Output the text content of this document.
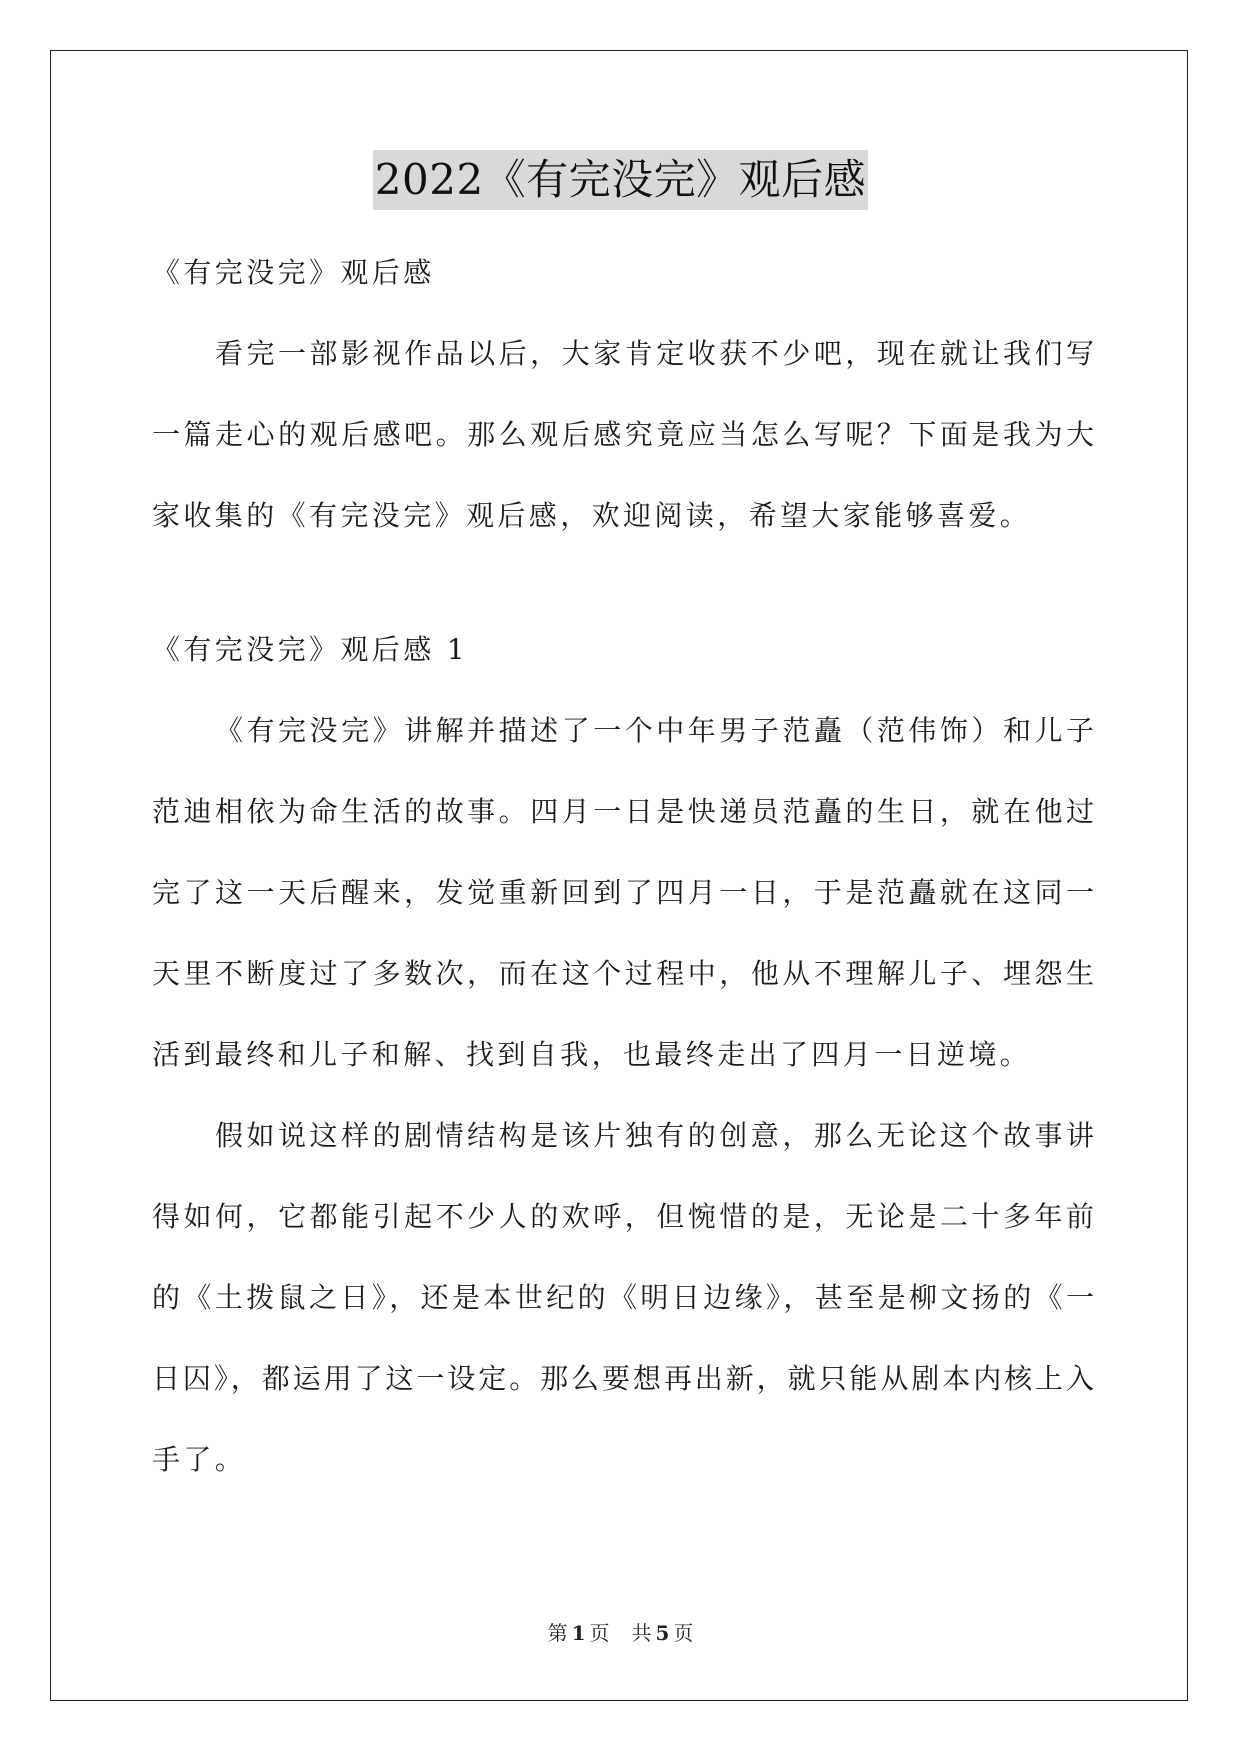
2022《有完没完》观后感
《有完没完》观后感
看完一部影视作品以后，大家肯定收获不少吧，现在就让我们写
一篇走心的观后感吧。那么观后感究竟应当怎么写呢？下面是我为大
家收集的《有完没完》观后感，欢迎阅读，希望大家能够喜爱。
《有完没完》观后感 1
《有完没完》讲解并描述了一个中年男子范矗（范伟饰）和儿子
范迪相依为命生活的故事。四月一日是快递员范矗的生日，就在他过
完了这一天后醒来，发觉重新回到了四月一日，于是范矗就在这同一
天里不断度过了多数次，而在这个过程中，他从不理解儿子、埋怨生
活到最终和儿子和解、找到自我，也最终走出了四月一日逆境。
假如说这样的剧情结构是该片独有的创意，那么无论这个故事讲
得如何，它都能引起不少人的欢呼，但惋惜的是，无论是二十多年前
的《土拨鼠之日》，还是本世纪的《明日边缘》，甚至是柳文扬的《一
日囚》，都运用了这一设定。那么要想再出新，就只能从剧本内核上入
手了。
第 1 页 共 5 页
